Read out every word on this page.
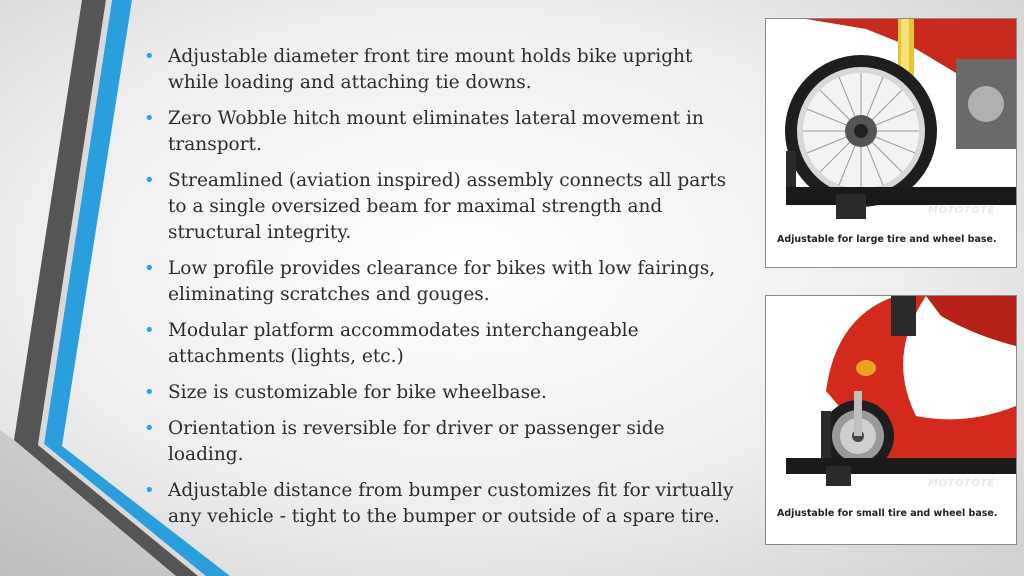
• Adjustable diameter front tire mount holds bike upright while loading and attaching tie downs.
• Zero Wobble hitch mount eliminates lateral movement in transport.
• Streamlined (aviation inspired) assembly connects all parts to a single oversized beam for maximal strength and structural integrity.
• Low profile provides clearance for bikes with low fairings, eliminating scratches and gouges.
• Modular platform accommodates interchangeable attachments (lights, etc.)
• Size is customizable for bike wheelbase.
• Orientation is reversible for driver or passenger side loading.
• Adjustable distance from bumper customizes fit for virtually any vehicle - tight to the bumper or outside of a spare tire.
MOTOTOTE
Adjustable for large tire and wheel base.
MOTOTOTE
Adjustable for small tire and wheel base.
